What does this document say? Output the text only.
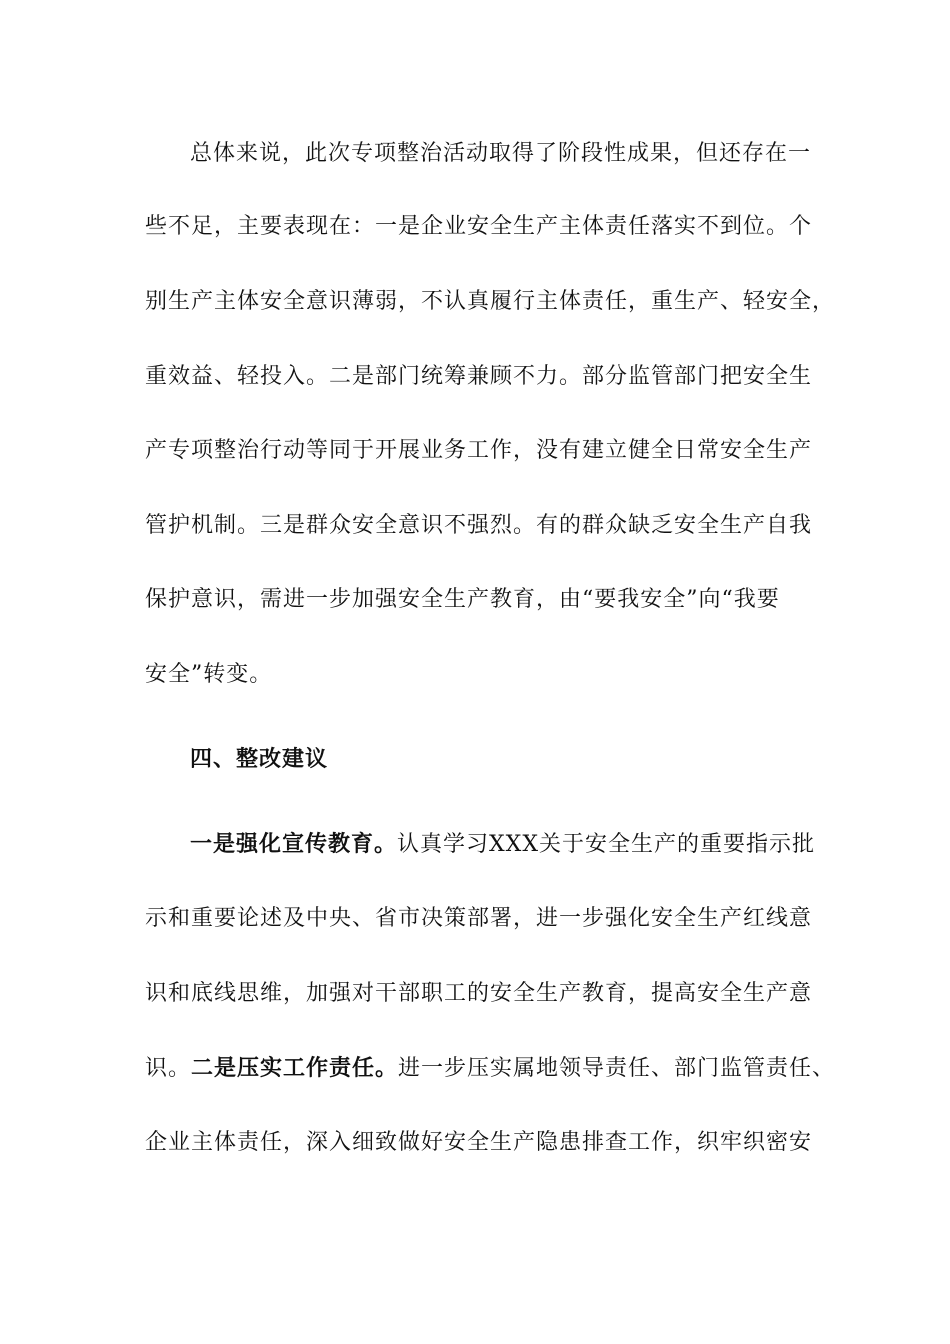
总体来说，此次专项整治活动取得了阶段性成果，但还存在一
些不足，主要表现在：一是企业安全生产主体责任落实不到位。个
别生产主体安全意识薄弱，不认真履行主体责任，重生产、轻安全，
重效益、轻投入。二是部门统筹兼顾不力。部分监管部门把安全生
产专项整治行动等同于开展业务工作，没有建立健全日常安全生产
管护机制。三是群众安全意识不强烈。有的群众缺乏安全生产自我
保护意识，需进一步加强安全生产教育，由“要我安全”向“我要
安全”转变。
四、整改建议
一是强化宣传教育。认真学习XXX关于安全生产的重要指示批
示和重要论述及中央、省市决策部署，进一步强化安全生产红线意
识和底线思维，加强对干部职工的安全生产教育，提高安全生产意
识。二是压实工作责任。进一步压实属地领导责任、部门监管责任、
企业主体责任，深入细致做好安全生产隐患排查工作，织牢织密安
